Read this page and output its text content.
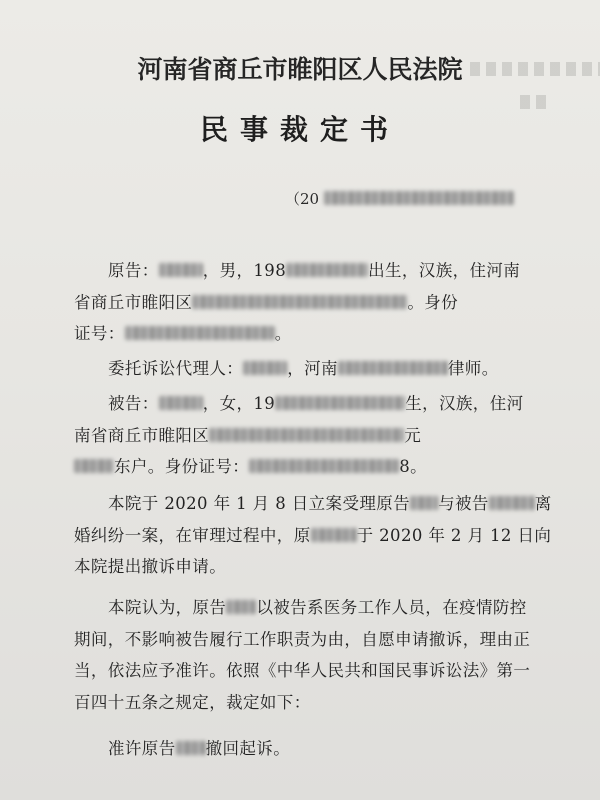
河南省商丘市睢阳区人民法院
民事裁定书
（20
原告：	，男，198	出生，汉族，住河南
省商丘市睢阳区	。身份
证号：	。
委托诉讼代理人：	，河南	律师。
被告：	，女，19	生，汉族，住河
南省商丘市睢阳区	元
东户。身份证号：	8。
本院于 2020 年 1 月 8 日立案受理原告 与被告	离
婚纠纷一案，在审理过程中，原	于 2020 年 2 月 12 日向
本院提出撤诉申请。
本院认为，原告 以被告系医务工作人员，在疫情防控
期间，不影响被告履行工作职责为由，自愿申请撤诉，理由正
当，依法应予准许。依照《中华人民共和国民事诉讼法》第一
百四十五条之规定，裁定如下：
准许原告 撤回起诉。
